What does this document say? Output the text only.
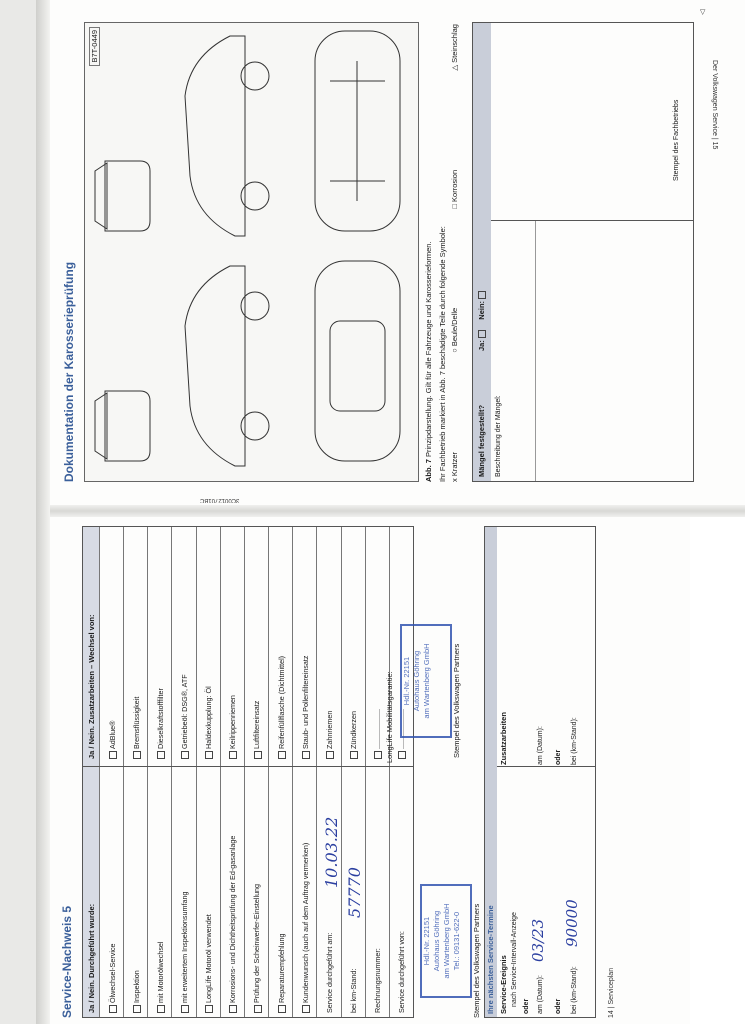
Dokumentation der Karosserieprüfung
B7T-0449
Abb. 7 Prinzipdarstellung. Gilt für alle Fahrzeuge und Karosserieformen. Ihr Fachbetrieb markiert in Abb. 7 beschädigte Teile durch folgende Symbole: x Kratzer
○ Beule/Delle
□ Korrosion
△ Steinschlag
Mängel festgestellt?
Ja:     Nein:
Beschreibung der Mängel:
Stempel des Fachbetriebs
▽
Der Volkswagen Service | 15
3C0012701BC
Service-Nachweis 5 Ja / Nein. Durchgeführt wurde:
Ja / Nein. Zusatzarbeiten – Wechsel von:
Ölwechsel-Service
AdBlue®
Inspektion
Bremsflüssigkeit
mit Motorölwechsel
Dieselkraftstofffilter
mit erweitertem Inspektionsumfang
Getriebeöl: DSG®, ATF
LongLife Motoröl verwendet
Haldexkupplung: Öl
Korrosions- und Dichtheitsprüfung der Ed-gasanlage
Keilrippenriemen
Prüfung der Scheinwerfer-Einstellung
Luftfiltereinsatz
Reparaturempfehlung
Reifenfüllflasche (Dichtmittel)
Kundenwunsch (auch auf dem Auftrag vermerken)
Staub- und Pollenfiltereinsatz
Service durchgeführt am:
Zahnriemen
bei km-Stand:
Zündkerzen
Rechnungsnummer:
....................
Service durchgeführt von:
....................
10.03.22
57770
LongLife Mobilitätsgarantie:
Hdl.-Nr. 22151 Autohaus Göhring am Wartenberg GmbH Tel.: 09131-622-0
Hdl.-Nr. 22151 Autohaus Göhring am Wartenberg GmbH
Stempel des Volkswagen Partners
Stempel des Volkswagen Partners
Ihre nächsten Service-Termine Service-Ereignis
Zusatzarbeiten
nach Service-Intervall-Anzeige oder am (Datum):
03/23
oder bei (km-Stand):
90000
am (Datum): oder bei (km-Stand):
14 | Serviceplan
